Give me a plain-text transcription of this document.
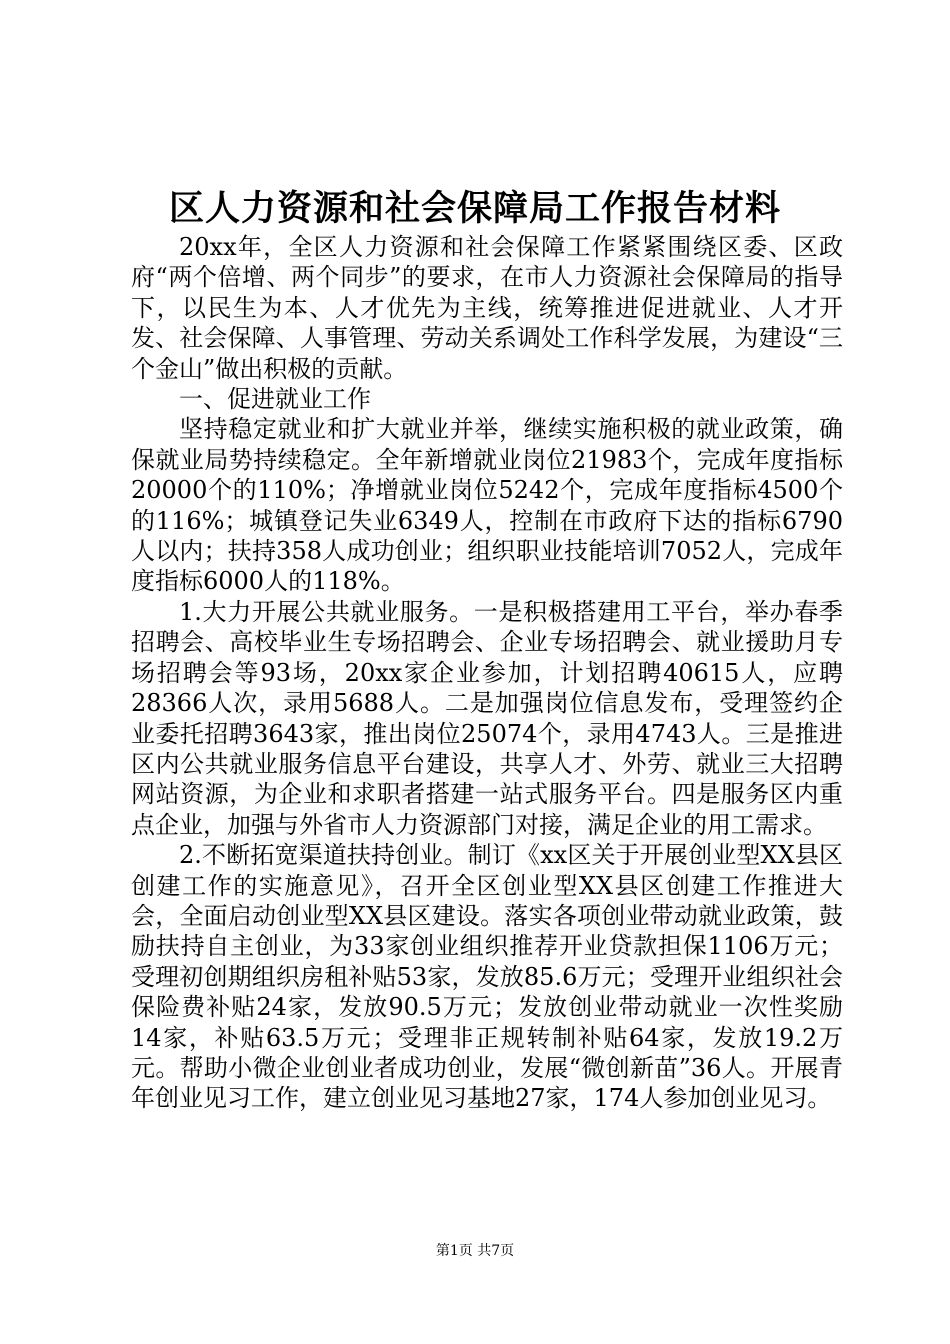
区人力资源和社会保障局工作报告材料

20xx年，全区人力资源和社会保障工作紧紧围绕区委、区政府“两个倍增、两个同步”的要求，在市人力资源社会保障局的指导下，以民生为本、人才优先为主线，统筹推进促进就业、人才开发、社会保障、人事管理、劳动关系调处工作科学发展，为建设“三个金山”做出积极的贡献。

一、促进就业工作

坚持稳定就业和扩大就业并举，继续实施积极的就业政策，确保就业局势持续稳定。全年新增就业岗位21983个，完成年度指标20000个的110%；净增就业岗位5242个，完成年度指标4500个的116%；城镇登记失业6349人，控制在市政府下达的指标6790人以内；扶持358人成功创业；组织职业技能培训7052人，完成年度指标6000人的118%。

1.大力开展公共就业服务。一是积极搭建用工平台，举办春季招聘会、高校毕业生专场招聘会、企业专场招聘会、就业援助月专场招聘会等93场，20xx家企业参加，计划招聘40615人，应聘28366人次，录用5688人。二是加强岗位信息发布，受理签约企业委托招聘3643家，推出岗位25074个，录用4743人。三是推进区内公共就业服务信息平台建设，共享人才、外劳、就业三大招聘网站资源，为企业和求职者搭建一站式服务平台。四是服务区内重点企业，加强与外省市人力资源部门对接，满足企业的用工需求。

2.不断拓宽渠道扶持创业。制订《xx区关于开展创业型XX县区创建工作的实施意见》，召开全区创业型XX县区创建工作推进大会，全面启动创业型XX县区建设。落实各项创业带动就业政策，鼓励扶持自主创业，为33家创业组织推荐开业贷款担保1106万元；受理初创期组织房租补贴53家，发放85.6万元；受理开业组织社会保险费补贴24家，发放90.5万元；发放创业带动就业一次性奖励14家，补贴63.5万元；受理非正规转制补贴64家，发放19.2万元。帮助小微企业创业者成功创业，发展“微创新苗”36人。开展青年创业见习工作，建立创业见习基地27家，174人参加创业见习。

第1页 共7页
